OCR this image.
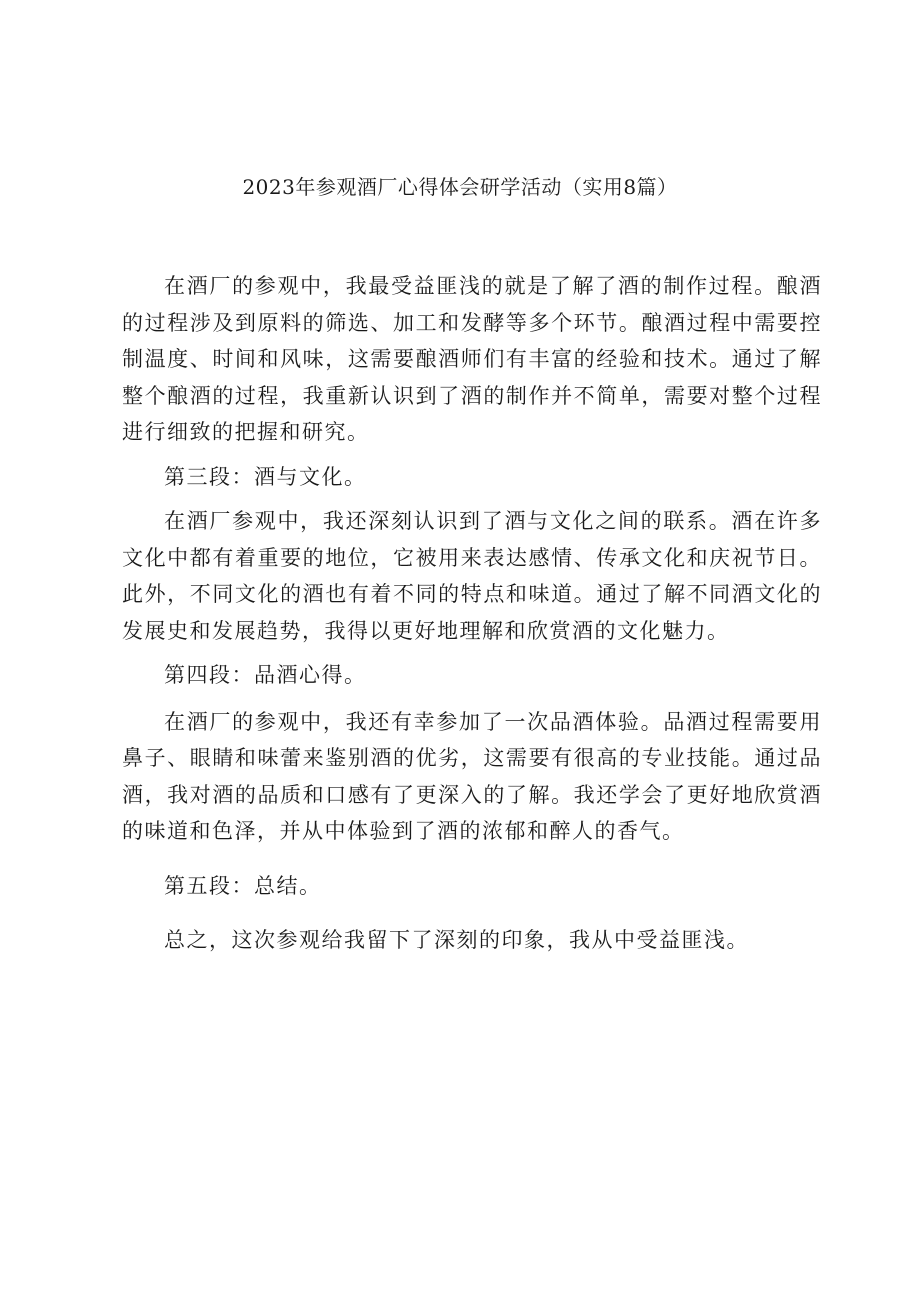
2023年参观酒厂心得体会研学活动（实用8篇）

在酒厂的参观中，我最受益匪浅的就是了解了酒的制作过程。酿酒的过程涉及到原料的筛选、加工和发酵等多个环节。酿酒过程中需要控制温度、时间和风味，这需要酿酒师们有丰富的经验和技术。通过了解整个酿酒的过程，我重新认识到了酒的制作并不简单，需要对整个过程进行细致的把握和研究。

第三段：酒与文化。

在酒厂参观中，我还深刻认识到了酒与文化之间的联系。酒在许多文化中都有着重要的地位，它被用来表达感情、传承文化和庆祝节日。此外，不同文化的酒也有着不同的特点和味道。通过了解不同酒文化的发展史和发展趋势，我得以更好地理解和欣赏酒的文化魅力。

第四段：品酒心得。

在酒厂的参观中，我还有幸参加了一次品酒体验。品酒过程需要用鼻子、眼睛和味蕾来鉴别酒的优劣，这需要有很高的专业技能。通过品酒，我对酒的品质和口感有了更深入的了解。我还学会了更好地欣赏酒的味道和色泽，并从中体验到了酒的浓郁和醉人的香气。

第五段：总结。

总之，这次参观给我留下了深刻的印象，我从中受益匪浅。
